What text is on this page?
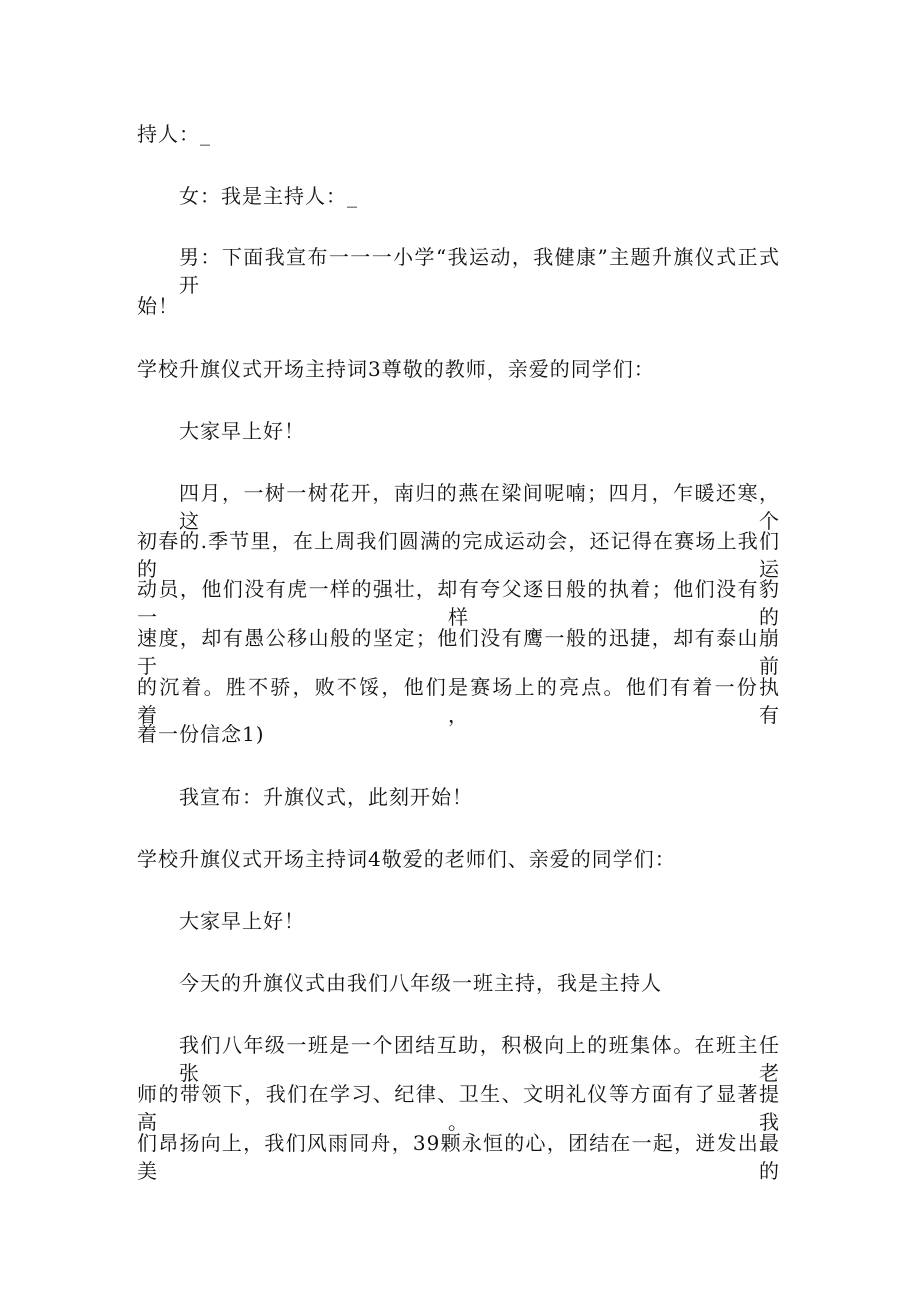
持人：_
女：我是主持人：_
男：下面我宣布一一一小学“我运动，我健康”主题升旗仪式正式开
始！
学校升旗仪式开场主持词3尊敬的教师，亲爱的同学们：
大家早上好！
四月，一树一树花开，南归的燕在梁间呢喃；四月，乍暖还寒，这个
初春的.季节里，在上周我们圆满的完成运动会，还记得在赛场上我们的运
动员，他们没有虎一样的强壮，却有夸父逐日般的执着；他们没有豹一样的
速度，却有愚公移山般的坚定；他们没有鹰一般的迅捷，却有泰山崩于前
的沉着。胜不骄，败不馁，他们是赛场上的亮点。他们有着一份执着，有
着一份信念1)
我宣布：升旗仪式，此刻开始！
学校升旗仪式开场主持词4敬爱的老师们、亲爱的同学们：
大家早上好！
今天的升旗仪式由我们八年级一班主持，我是主持人
我们八年级一班是一个团结互助，积极向上的班集体。在班主任张老
师的带领下，我们在学习、纪律、卫生、文明礼仪等方面有了显著提高。我
们昂扬向上，我们风雨同舟，39颗永恒的心，团结在一起，迸发出最美的
